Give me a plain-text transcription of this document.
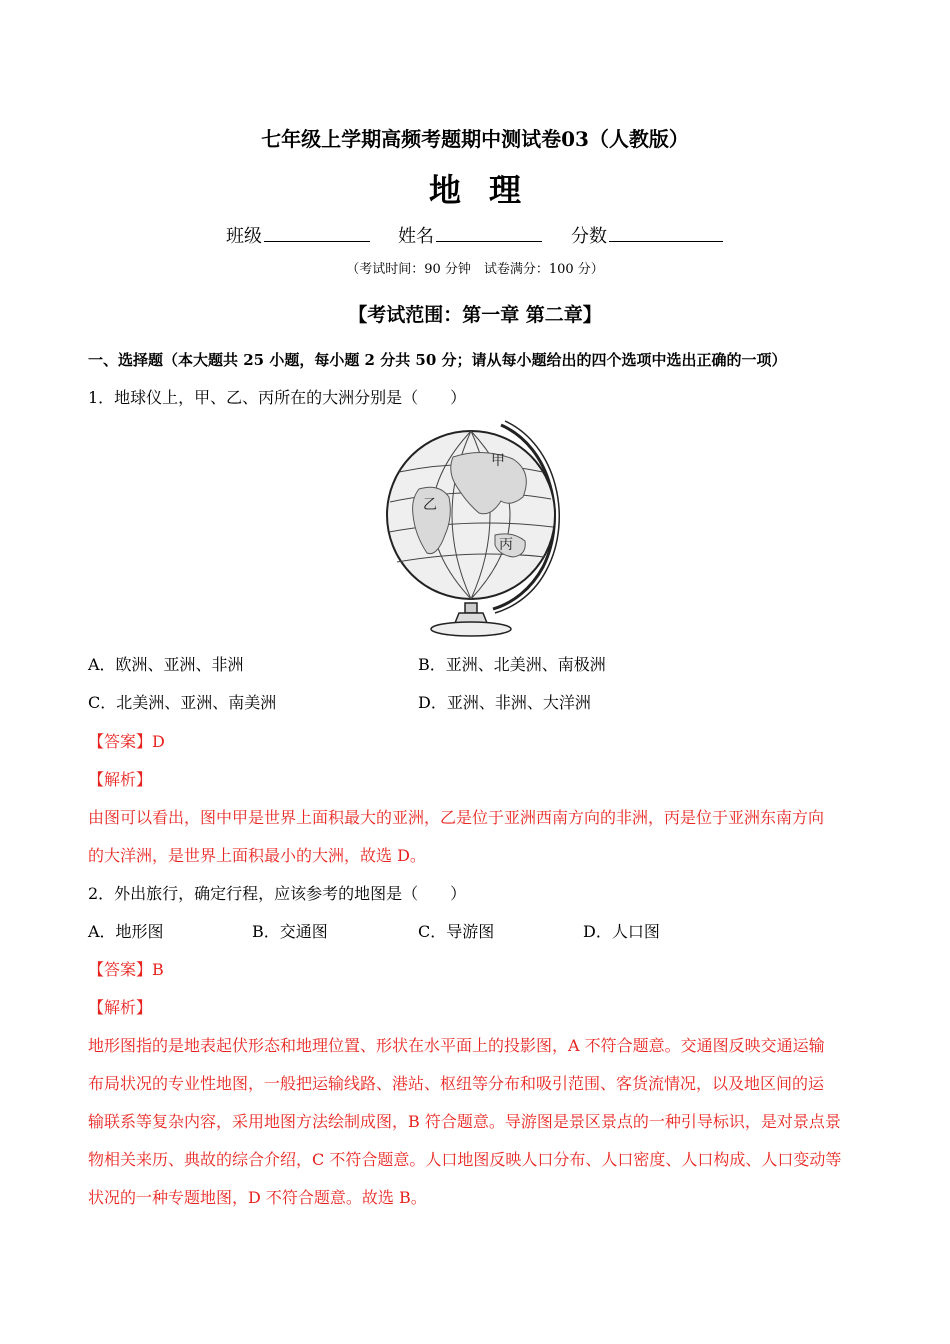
七年级上学期高频考题期中测试卷03（人教版）
地 理
班级	姓名	分数
（考试时间：90 分钟　试卷满分：100 分）
【考试范围：第一章 第二章】
一、选择题（本大题共 25 小题，每小题 2 分共 50 分；请从每小题给出的四个选项中选出正确的一项）
1．地球仪上，甲、乙、丙所在的大洲分别是（　　）
甲
乙
丙
A．欧洲、亚洲、非洲	B．亚洲、北美洲、南极洲
C．北美洲、亚洲、南美洲	D．亚洲、非洲、大洋洲
【答案】D
【解析】
由图可以看出，图中甲是世界上面积最大的亚洲，乙是位于亚洲西南方向的非洲，丙是位于亚洲东南方向
的大洋洲，是世界上面积最小的大洲，故选 D。
2．外出旅行，确定行程，应该参考的地图是（　　）
A．地形图	B．交通图	C．导游图	D．人口图
【答案】B
【解析】
地形图指的是地表起伏形态和地理位置、形状在水平面上的投影图，A 不符合题意。交通图反映交通运输
布局状况的专业性地图，一般把运输线路、港站、枢纽等分布和吸引范围、客货流情况，以及地区间的运
输联系等复杂内容，采用地图方法绘制成图，B 符合题意。导游图是景区景点的一种引导标识，是对景点景
物相关来历、典故的综合介绍，C 不符合题意。人口地图反映人口分布、人口密度、人口构成、人口变动等
状况的一种专题地图，D 不符合题意。故选 B。
